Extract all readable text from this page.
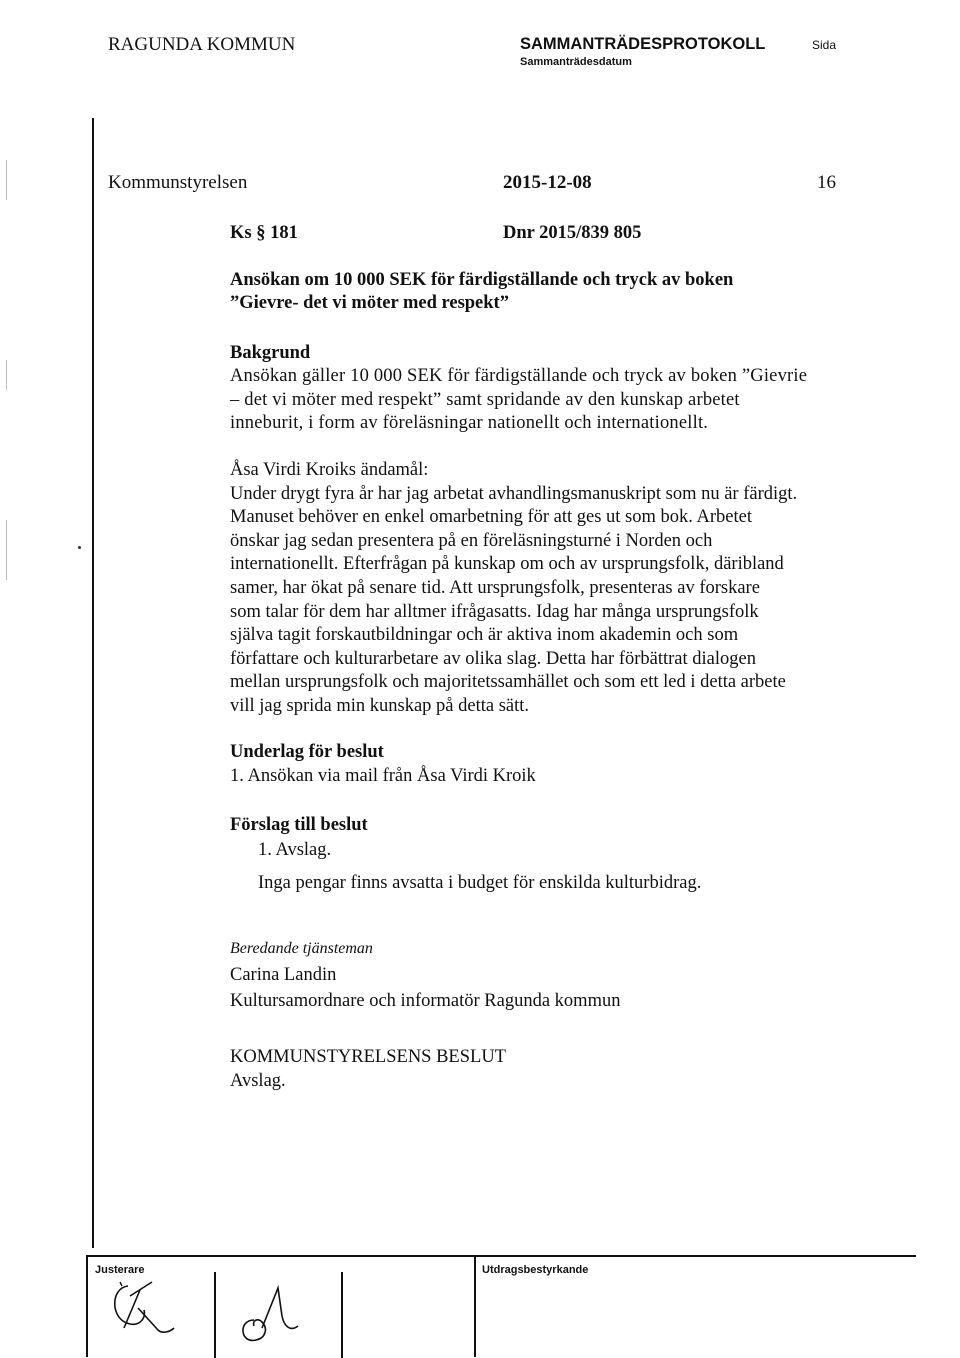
RAGUNDA KOMMUN	SAMMANTRÄDESPROTOKOLL
Sammanträdesdatum
Sida
Kommunstyrelsen	2015-12-08	16
Ks § 181	Dnr 2015/839 805
Ansökan om 10 000 SEK för färdigställande och tryck av boken
”Gievre- det vi möter med respekt”
Bakgrund
Ansökan gäller 10 000 SEK för färdigställande och tryck av boken ”Gievrie
– det vi möter med respekt” samt spridande av den kunskap arbetet
inneburit, i form av föreläsningar nationellt och internationellt.
Åsa Virdi Kroiks ändamål:
Under drygt fyra år har jag arbetat avhandlingsmanuskript som nu är färdigt.
Manuset behöver en enkel omarbetning för att ges ut som bok. Arbetet
önskar jag sedan presentera på en föreläsningsturné i Norden och
internationellt. Efterfrågan på kunskap om och av ursprungsfolk, däribland
samer, har ökat på senare tid. Att ursprungsfolk, presenteras av forskare
som talar för dem har alltmer ifrågasatts. Idag har många ursprungsfolk
själva tagit forskautbildningar och är aktiva inom akademin och som
författare och kulturarbetare av olika slag. Detta har förbättrat dialogen
mellan ursprungsfolk och majoritetssamhället och som ett led i detta arbete
vill jag sprida min kunskap på detta sätt.
Underlag för beslut
1. Ansökan via mail från Åsa Virdi Kroik
Förslag till beslut
1. Avslag.
Inga pengar finns avsatta i budget för enskilda kulturbidrag.
Beredande tjänsteman
Carina Landin
Kultursamordnare och informatör Ragunda kommun
KOMMUNSTYRELSENS BESLUT
Avslag.
Justerare	Utdragsbestyrkande
